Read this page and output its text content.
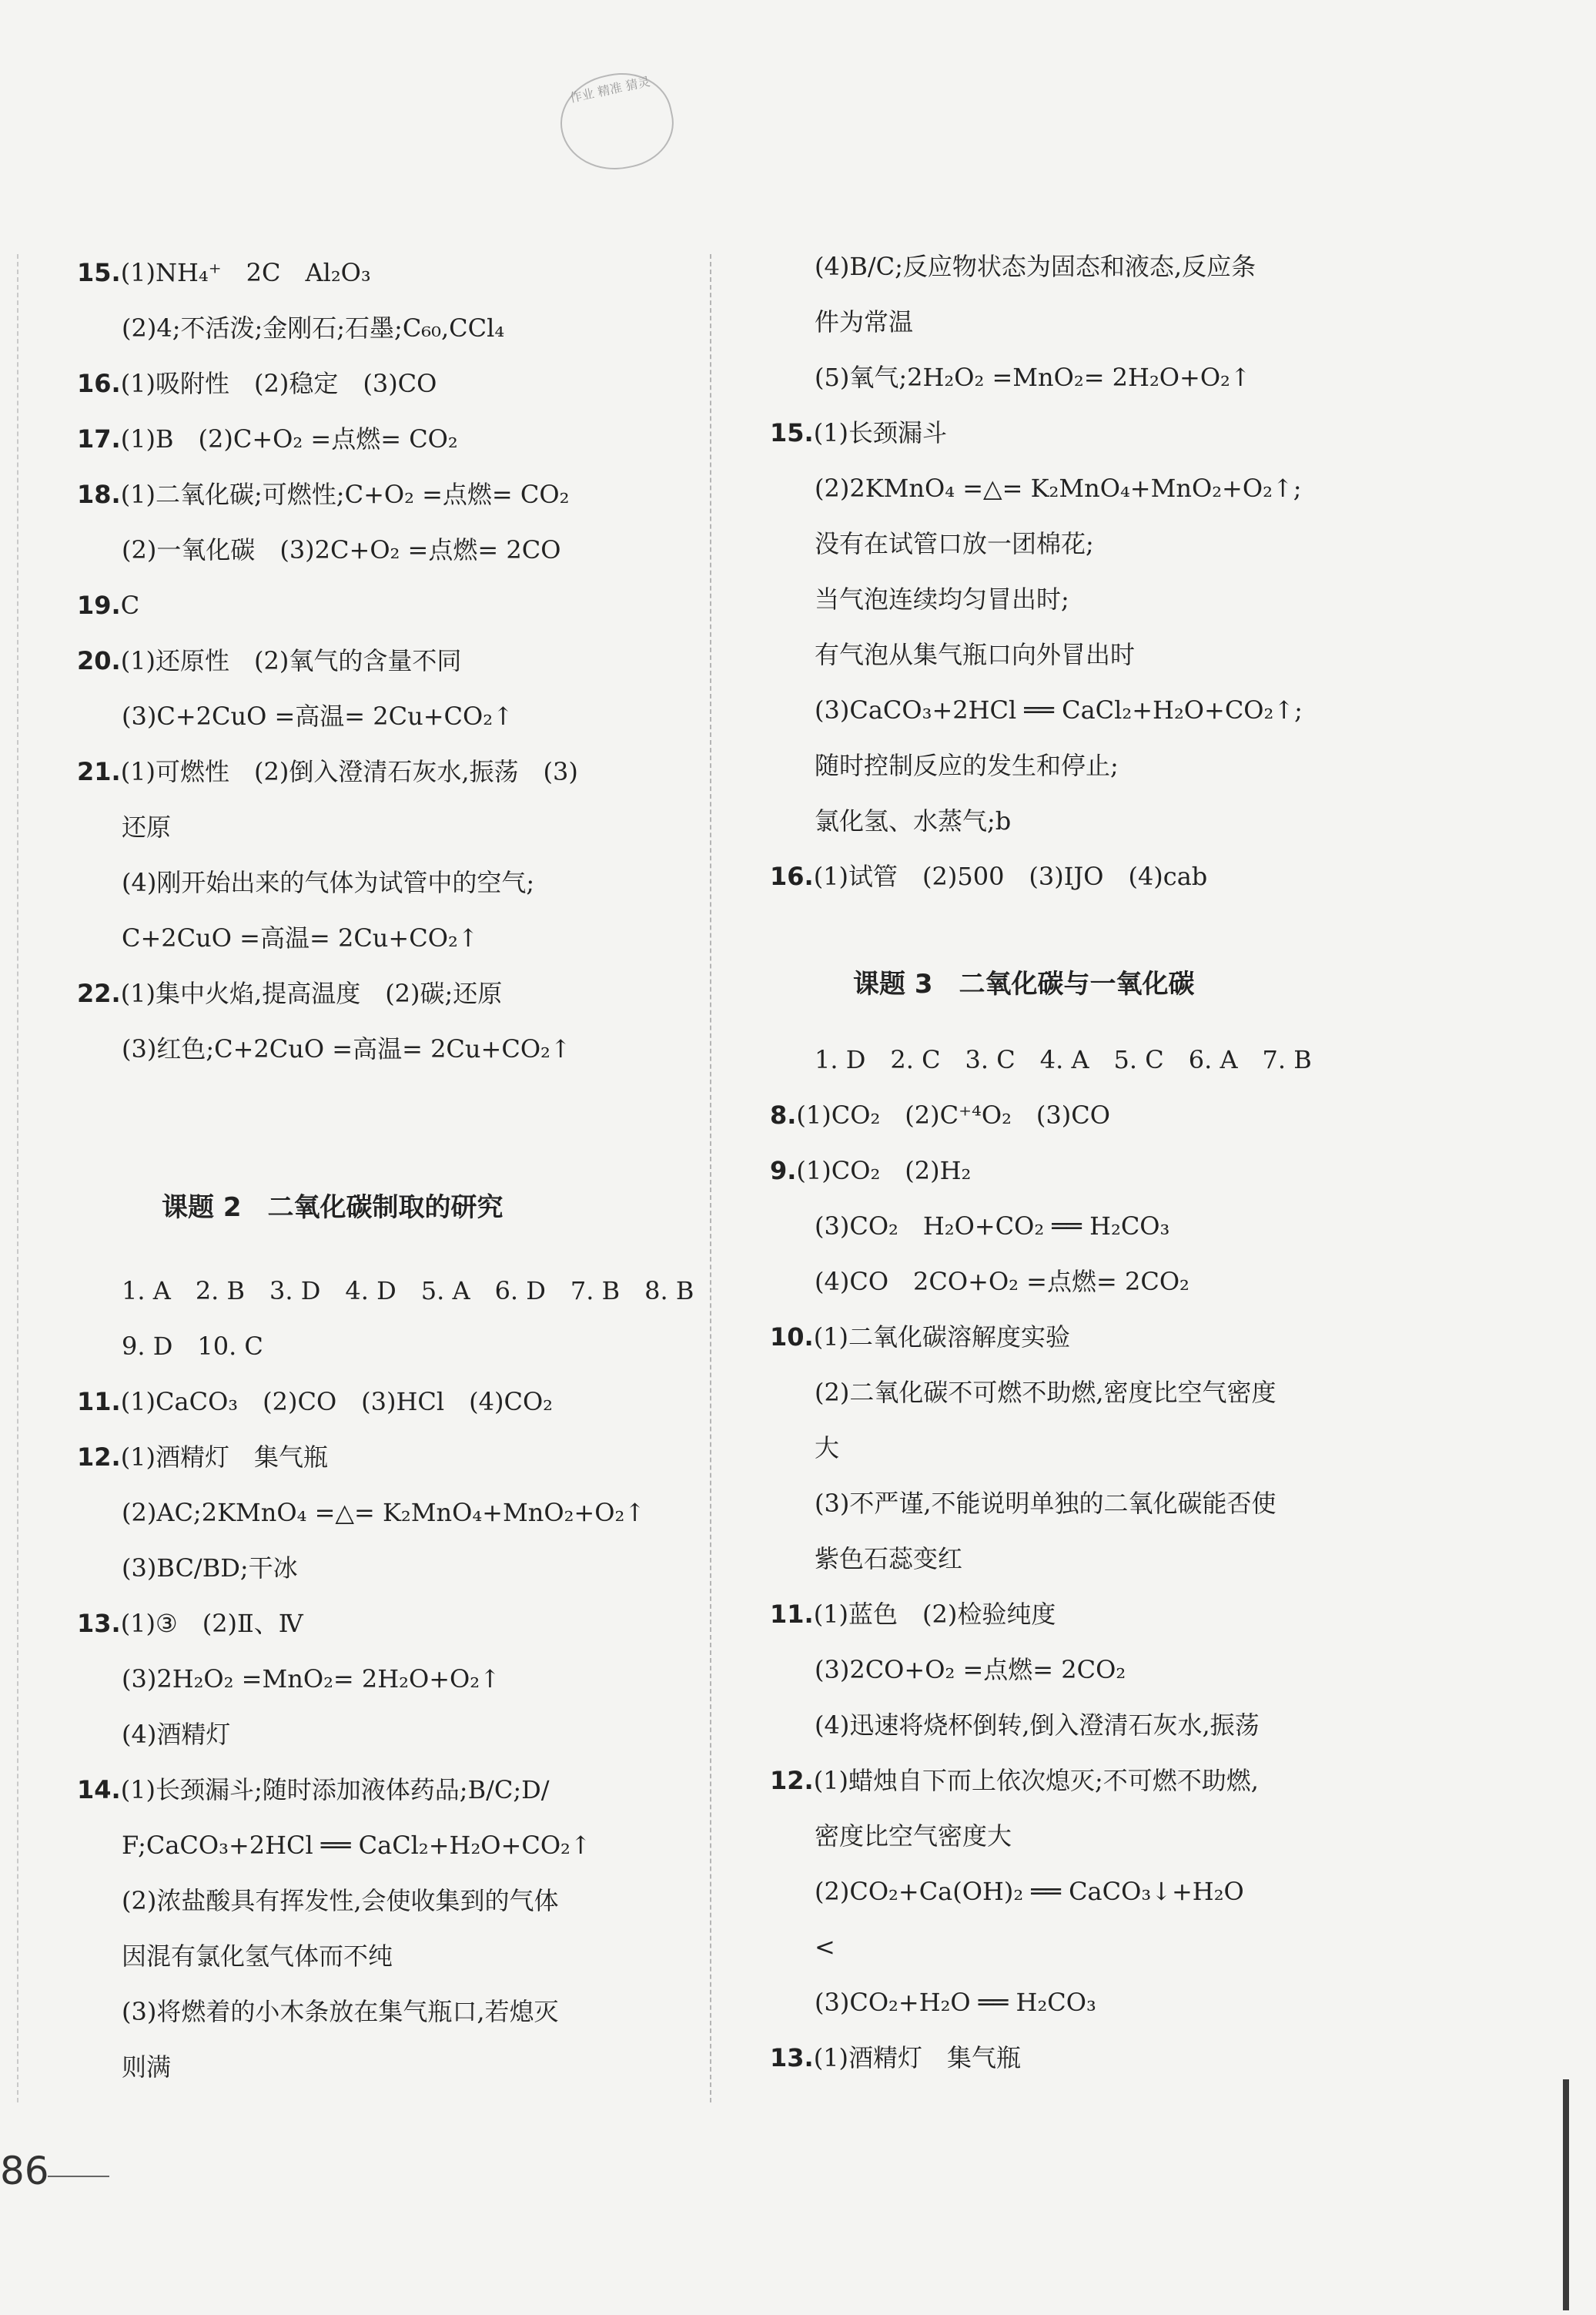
作业 精准 猜灵
15.(1)NH₄⁺　2C　Al₂O₃
(2)4;不活泼;金刚石;石墨;C₆₀,CCl₄
16.(1)吸附性　(2)稳定　(3)CO
17.(1)B　(2)C+O₂ =点燃= CO₂
18.(1)二氧化碳;可燃性;C+O₂ =点燃= CO₂
(2)一氧化碳　(3)2C+O₂ =点燃= 2CO
19.C
20.(1)还原性　(2)氧气的含量不同
(3)C+2CuO =高温= 2Cu+CO₂↑
21.(1)可燃性　(2)倒入澄清石灰水,振荡　(3)
还原
(4)刚开始出来的气体为试管中的空气;
C+2CuO =高温= 2Cu+CO₂↑
22.(1)集中火焰,提高温度　(2)碳;还原
(3)红色;C+2CuO =高温= 2Cu+CO₂↑
课题 2　二氧化碳制取的研究
1. A　2. B　3. D　4. D　5. A　6. D　7. B　8. B
9. D　10. C
11.(1)CaCO₃　(2)CO　(3)HCl　(4)CO₂
12.(1)酒精灯　集气瓶
(2)AC;2KMnO₄ =△= K₂MnO₄+MnO₂+O₂↑
(3)BC/BD;干冰
13.(1)③　(2)Ⅱ、Ⅳ
(3)2H₂O₂ =MnO₂= 2H₂O+O₂↑
(4)酒精灯
14.(1)长颈漏斗;随时添加液体药品;B/C;D/
F;CaCO₃+2HCl ══ CaCl₂+H₂O+CO₂↑
(2)浓盐酸具有挥发性,会使收集到的气体
因混有氯化氢气体而不纯
(3)将燃着的小木条放在集气瓶口,若熄灭
则满
(4)B/C;反应物状态为固态和液态,反应条
件为常温
(5)氧气;2H₂O₂ =MnO₂= 2H₂O+O₂↑
15.(1)长颈漏斗
(2)2KMnO₄ =△= K₂MnO₄+MnO₂+O₂↑;
没有在试管口放一团棉花;
当气泡连续均匀冒出时;
有气泡从集气瓶口向外冒出时
(3)CaCO₃+2HCl ══ CaCl₂+H₂O+CO₂↑;
随时控制反应的发生和停止;
氯化氢、水蒸气;b
16.(1)试管　(2)500　(3)IJO　(4)cab
课题 3　二氧化碳与一氧化碳
1. D　2. C　3. C　4. A　5. C　6. A　7. B
8.(1)CO₂　(2)C⁺⁴O₂　(3)CO
9.(1)CO₂　(2)H₂
(3)CO₂　H₂O+CO₂ ══ H₂CO₃
(4)CO　2CO+O₂ =点燃= 2CO₂
10.(1)二氧化碳溶解度实验
(2)二氧化碳不可燃不助燃,密度比空气密度
大
(3)不严谨,不能说明单独的二氧化碳能否使
紫色石蕊变红
11.(1)蓝色　(2)检验纯度
(3)2CO+O₂ =点燃= 2CO₂
(4)迅速将烧杯倒转,倒入澄清石灰水,振荡
12.(1)蜡烛自下而上依次熄灭;不可燃不助燃,
密度比空气密度大
(2)CO₂+Ca(OH)₂ ══ CaCO₃↓+H₂O
<
(3)CO₂+H₂O ══ H₂CO₃
13.(1)酒精灯　集气瓶
86
